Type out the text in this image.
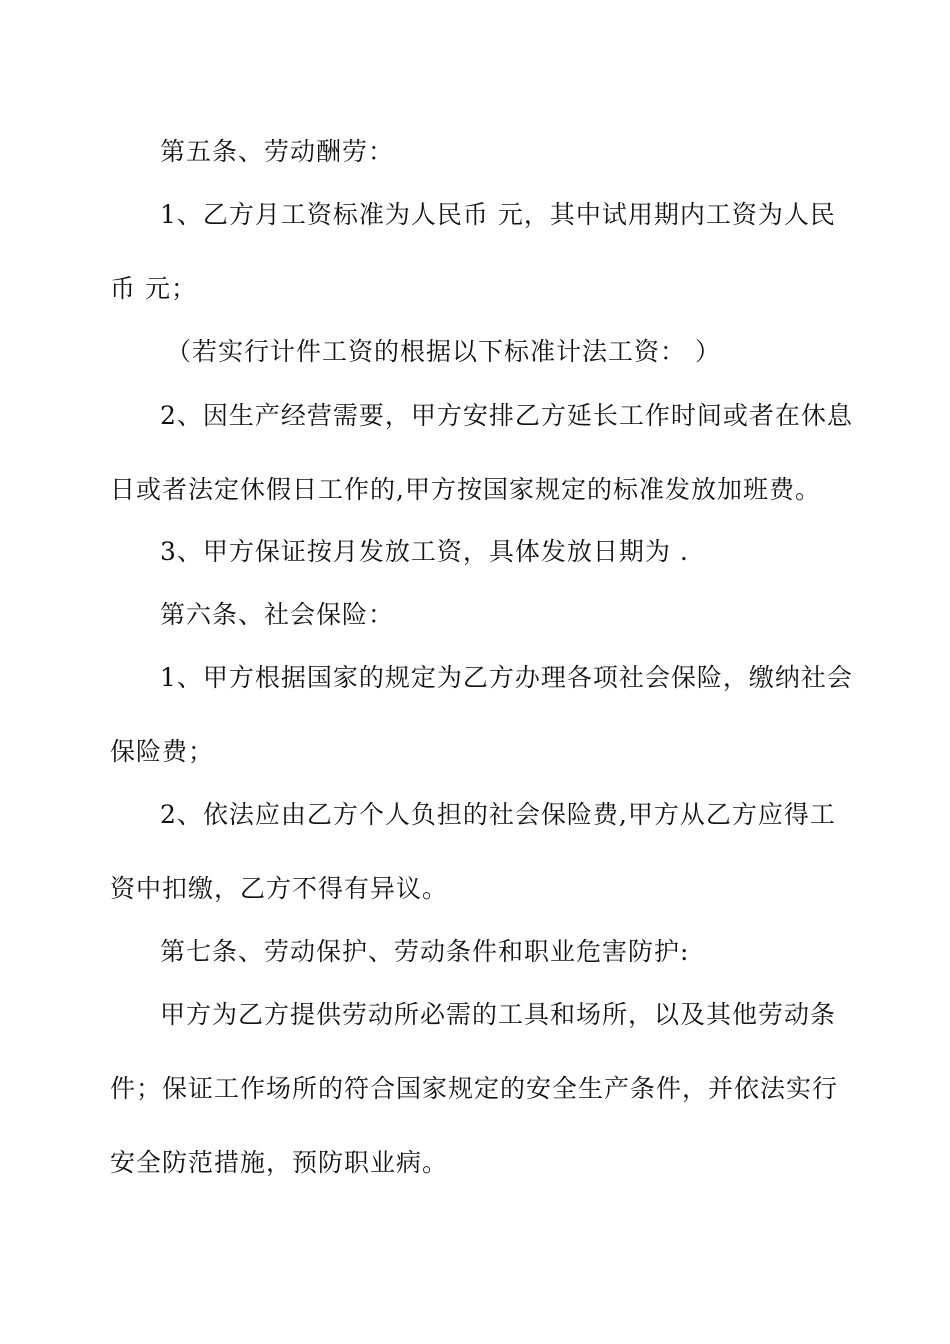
第五条、劳动酬劳：
1、乙方月工资标准为人民币 元，其中试用期内工资为人民
币 元；
（若实行计件工资的根据以下标准计法工资： ）
2、因生产经营需要，甲方安排乙方延长工作时间或者在休息
日或者法定休假日工作的,甲方按国家规定的标准发放加班费。
3、甲方保证按月发放工资，具体发放日期为 .
第六条、社会保险：
1、甲方根据国家的规定为乙方办理各项社会保险，缴纳社会
保险费；
2、依法应由乙方个人负担的社会保险费,甲方从乙方应得工
资中扣缴，乙方不得有异议。
第七条、劳动保护、劳动条件和职业危害防护:
甲方为乙方提供劳动所必需的工具和场所，以及其他劳动条
件；保证工作场所的符合国家规定的安全生产条件，并依法实行
安全防范措施，预防职业病。
